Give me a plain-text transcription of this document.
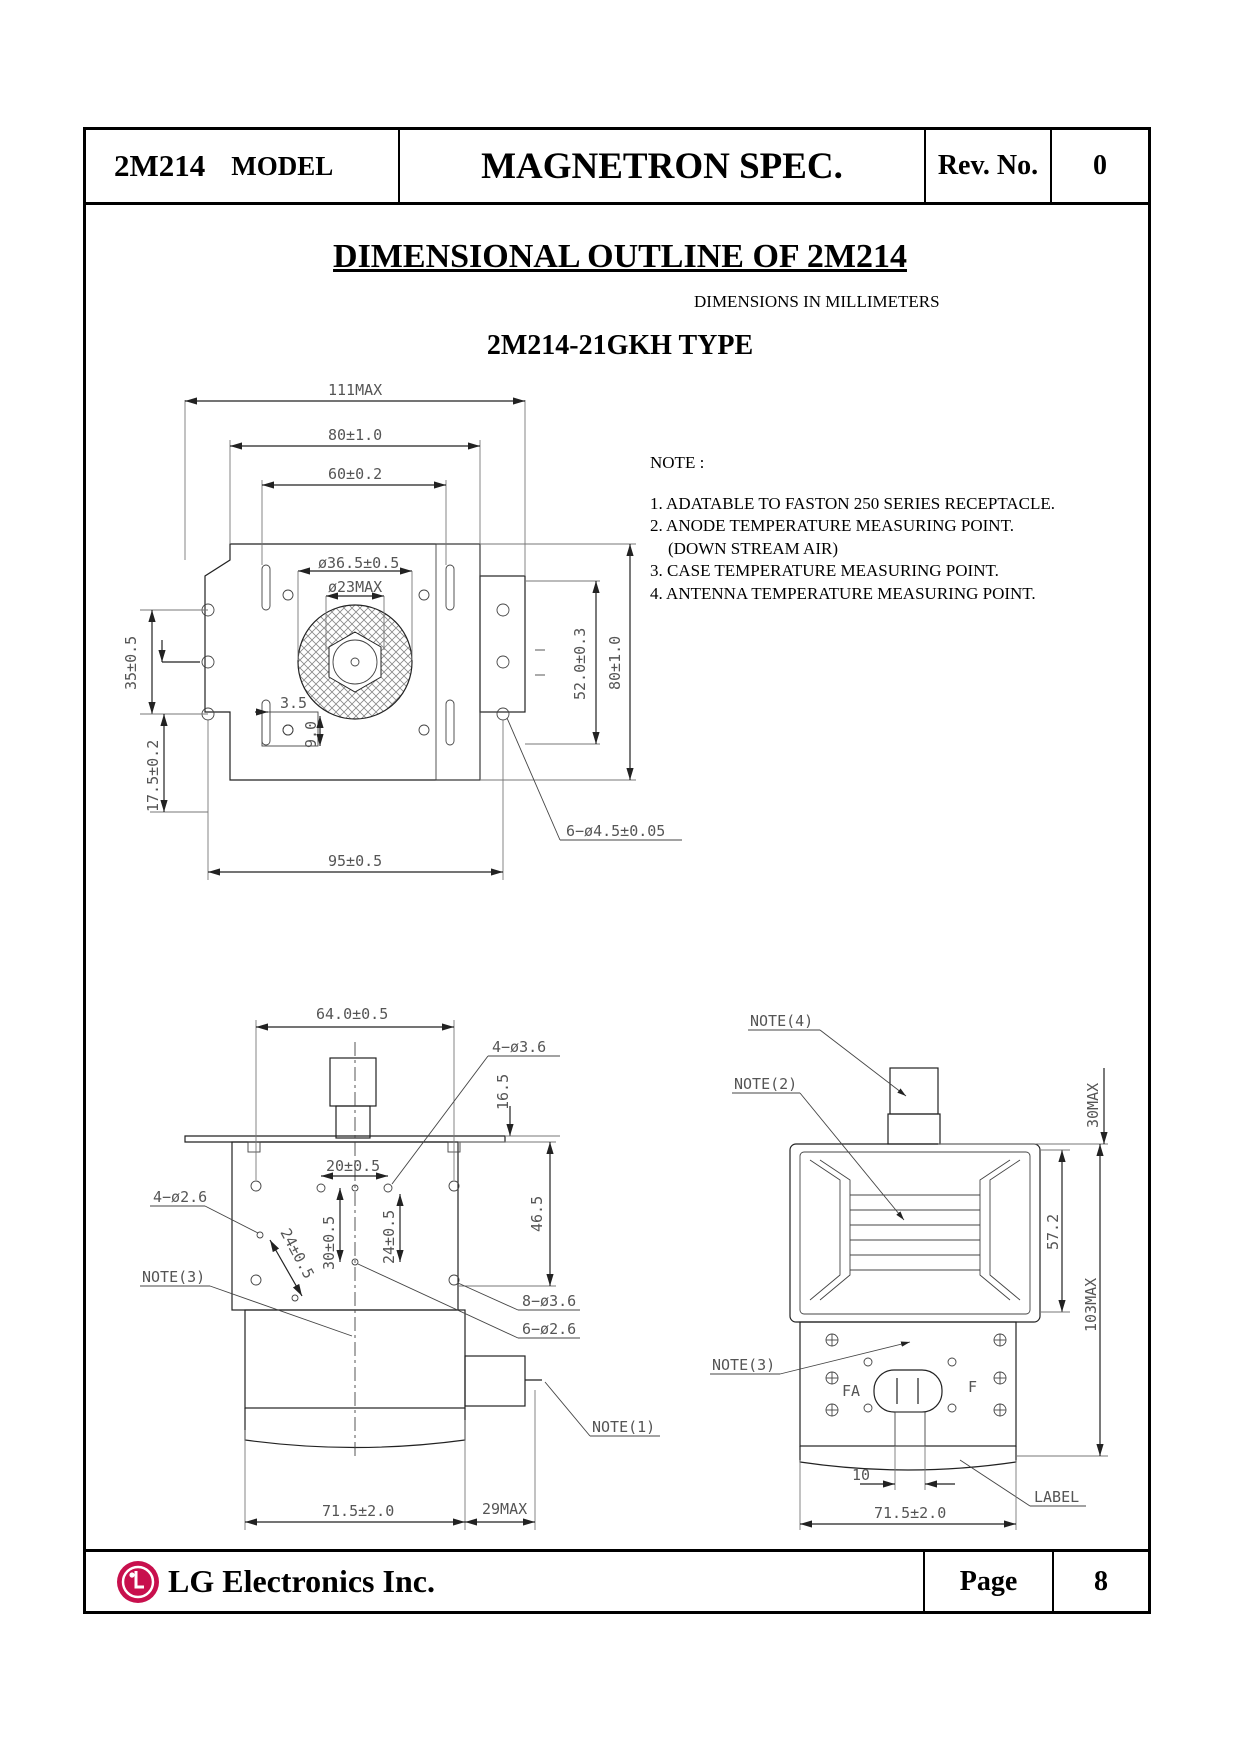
2M214 MODEL	MAGNETRON SPEC.	Rev. No.	0
LG Electronics Inc.	Page	8
DIMENSIONAL OUTLINE OF 2M214
DIMENSIONS IN MILLIMETERS
2M214-21GKH TYPE
NOTE :
1. ADATABLE TO FASTON 250 SERIES RECEPTACLE.
2. ANODE TEMPERATURE MEASURING POINT.
(DOWN STREAM AIR)
3. CASE TEMPERATURE MEASURING POINT.
4. ANTENNA TEMPERATURE MEASURING POINT.
111MAX
80±1.0
60±0.2
ø36.5±0.5
ø23MAX
35±0.5
3.5
9.0
52.0±0.3 80±1.0
17.5±0.2
6−ø4.5±0.05
95±0.5
64.0±0.5
4−ø3.6
16.5
20±0.5
4−ø2.6	46.5
30±0.5	24±0.5
24±0.5
NOTE(3)
8−ø3.6
6−ø2.6
NOTE(1)
71.5±2.0	29MAX
FA	F
NOTE(4)
NOTE(2)	30MAX
57.2
103MAX
NOTE(3)
10
LABEL
71.5±2.0
